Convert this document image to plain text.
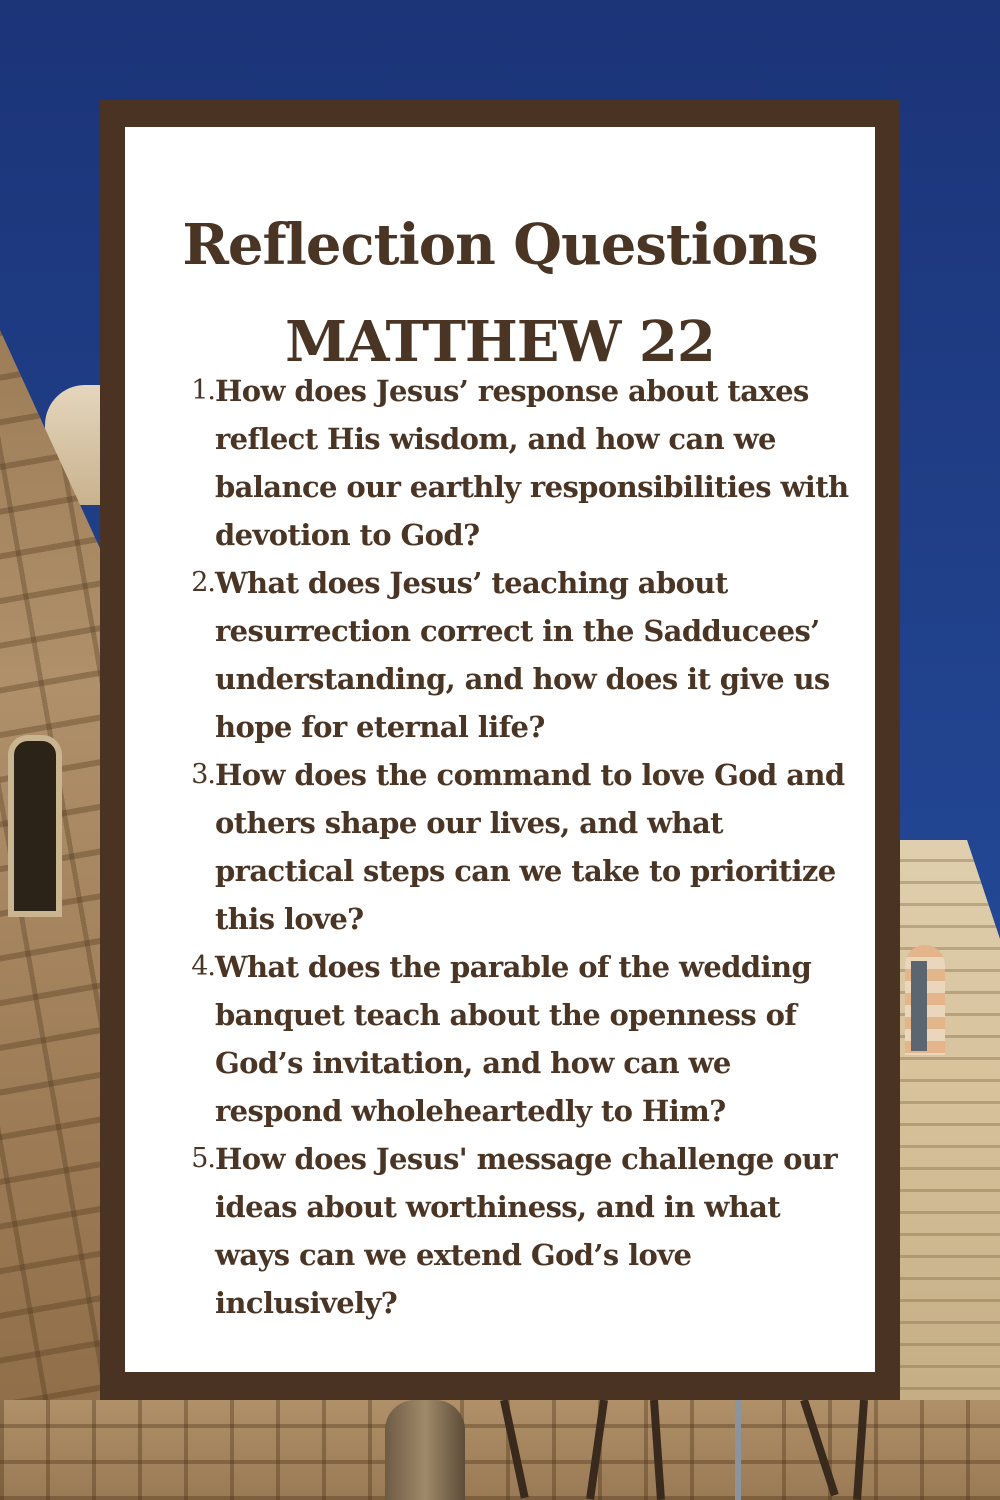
Reflection Questions
MATTHEW 22
1. How does Jesus’ response about taxes reflect His wisdom, and how can we balance our earthly responsibilities with devotion to God?
2. What does Jesus’ teaching about resurrection correct in the Sadducees’ understanding, and how does it give us hope for eternal life?
3. How does the command to love God and others shape our lives, and what practical steps can we take to prioritize this love?
4. What does the parable of the wedding banquet teach about the openness of God’s invitation, and how can we respond wholeheartedly to Him?
5. How does Jesus' message challenge our ideas about worthiness, and in what ways can we extend God’s love inclusively?
